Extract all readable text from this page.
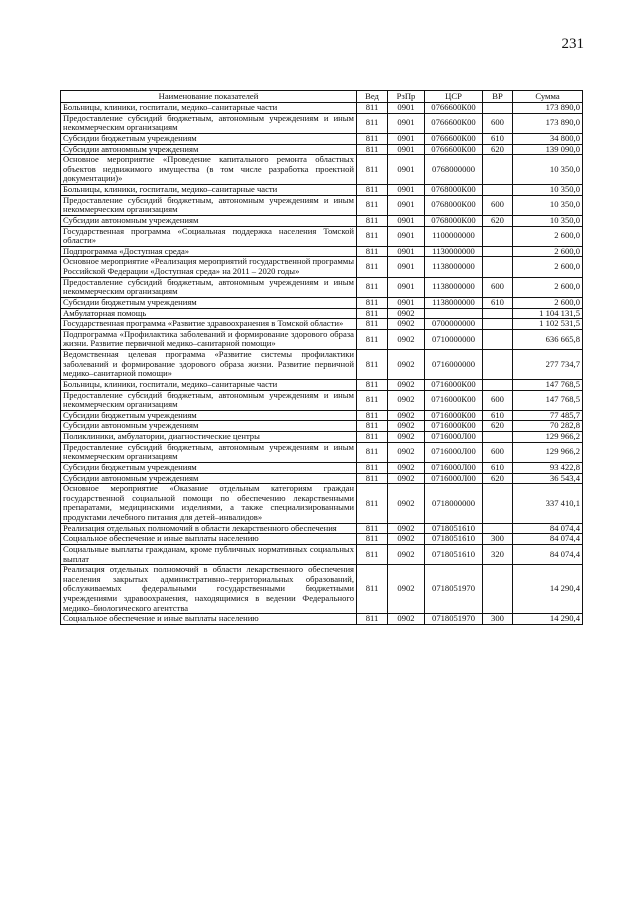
231
Наименование показателей	Вед	РзПр	ЦСР	ВР	Сумма
Больницы, клиники, госпитали, медико–санитарные части	811	0901	0766600К00		173 890,0
Предоставление субсидий бюджетным, автономным учреждениям и иным некоммерческим организациям	811	0901	0766600К00	600	173 890,0
Субсидии бюджетным учреждениям	811	0901	0766600К00	610	34 800,0
Субсидии автономным учреждениям	811	0901	0766600К00	620	139 090,0
Основное мероприятие «Проведение капитального ремонта областных объектов недвижимого имущества (в том числе разработка проектной документации)»	811	0901	0768000000		10 350,0
Больницы, клиники, госпитали, медико–санитарные части	811	0901	0768000К00		10 350,0
Предоставление субсидий бюджетным, автономным учреждениям и иным некоммерческим организациям	811	0901	0768000К00	600	10 350,0
Субсидии автономным учреждениям	811	0901	0768000К00	620	10 350,0
Государственная программа «Социальная поддержка населения Томской области»	811	0901	1100000000		2 600,0
Подпрограмма «Доступная среда»	811	0901	1130000000		2 600,0
Основное мероприятие «Реализация мероприятий государственной программы Российской Федерации «Доступная среда» на 2011 – 2020 годы»	811	0901	1138000000		2 600,0
Предоставление субсидий бюджетным, автономным учреждениям и иным некоммерческим организациям	811	0901	1138000000	600	2 600,0
Субсидии бюджетным учреждениям	811	0901	1138000000	610	2 600,0
Амбулаторная помощь	811	0902			1 104 131,5
Государственная программа «Развитие здравоохранения в Томской области»	811	0902	0700000000		1 102 531,5
Подпрограмма «Профилактика заболеваний и формирование здорового образа жизни. Развитие первичной медико–санитарной помощи»	811	0902	0710000000		636 665,8
Ведомственная целевая программа «Развитие системы профилактики заболеваний и формирование здорового образа жизни. Развитие первичной медико–санитарной помощи»	811	0902	0716000000		277 734,7
Больницы, клиники, госпитали, медико–санитарные части	811	0902	0716000К00		147 768,5
Предоставление субсидий бюджетным, автономным учреждениям и иным некоммерческим организациям	811	0902	0716000К00	600	147 768,5
Субсидии бюджетным учреждениям	811	0902	0716000К00	610	77 485,7
Субсидии автономным учреждениям	811	0902	0716000К00	620	70 282,8
Поликлиники, амбулатории, диагностические центры	811	0902	0716000Л00		129 966,2
Предоставление субсидий бюджетным, автономным учреждениям и иным некоммерческим организациям	811	0902	0716000Л00	600	129 966,2
Субсидии бюджетным учреждениям	811	0902	0716000Л00	610	93 422,8
Субсидии автономным учреждениям	811	0902	0716000Л00	620	36 543,4
Основное мероприятие «Оказание отдельным категориям граждан государственной социальной помощи по обеспечению лекарственными препаратами, медицинскими изделиями, а также специализированными продуктами лечебного питания для детей–инвалидов»	811	0902	0718000000		337 410,1
Реализация отдельных полномочий в области лекарственного обеспечения	811	0902	0718051610		84 074,4
Социальное обеспечение и иные выплаты населению	811	0902	0718051610	300	84 074,4
Социальные выплаты гражданам, кроме публичных нормативных социальных выплат	811	0902	0718051610	320	84 074,4
Реализация отдельных полномочий в области лекарственного обеспечения населения закрытых административно–территориальных образований, обслуживаемых федеральными государственными бюджетными учреждениями здравоохранения, находящимися в ведении Федерального медико–биологического агентства	811	0902	0718051970		14 290,4
Социальное обеспечение и иные выплаты населению	811	0902	0718051970	300	14 290,4
